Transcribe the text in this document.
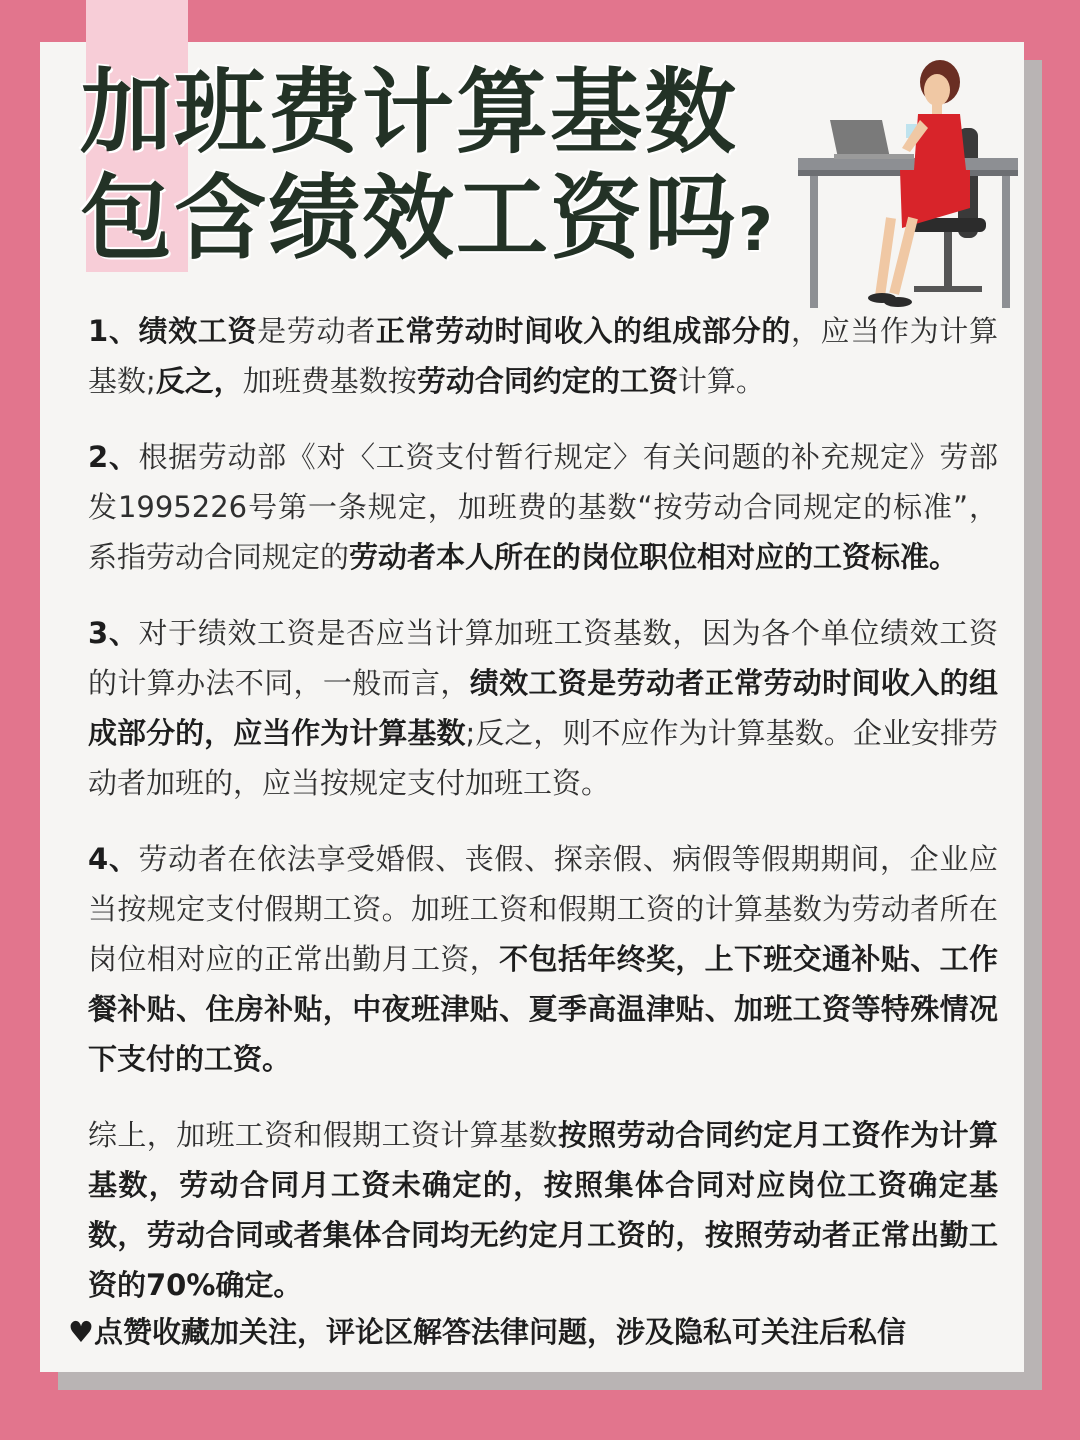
加班费计算基数
包含绩效工资吗?

1、绩效工资是劳动者正常劳动时间收入的组成部分的，应当作为计算基数;反之，加班费基数按劳动合同约定的工资计算。

2、根据劳动部《对〈工资支付暂行规定〉有关问题的补充规定》劳部发1995226号第一条规定，加班费的基数“按劳动合同规定的标准”，系指劳动合同规定的劳动者本人所在的岗位职位相对应的工资标准。

3、对于绩效工资是否应当计算加班工资基数，因为各个单位绩效工资的计算办法不同，一般而言，绩效工资是劳动者正常劳动时间收入的组成部分的，应当作为计算基数;反之，则不应作为计算基数。企业安排劳动者加班的，应当按规定支付加班工资。

4、劳动者在依法享受婚假、丧假、探亲假、病假等假期期间，企业应当按规定支付假期工资。加班工资和假期工资的计算基数为劳动者所在岗位相对应的正常出勤月工资，不包括年终奖，上下班交通补贴、工作餐补贴、住房补贴，中夜班津贴、夏季高温津贴、加班工资等特殊情况下支付的工资。

综上，加班工资和假期工资计算基数按照劳动合同约定月工资作为计算基数，劳动合同月工资未确定的，按照集体合同对应岗位工资确定基数，劳动合同或者集体合同均无约定月工资的，按照劳动者正常出勤工资的70%确定。

♥点赞收藏加关注，评论区解答法律问题，涉及隐私可关注后私信
